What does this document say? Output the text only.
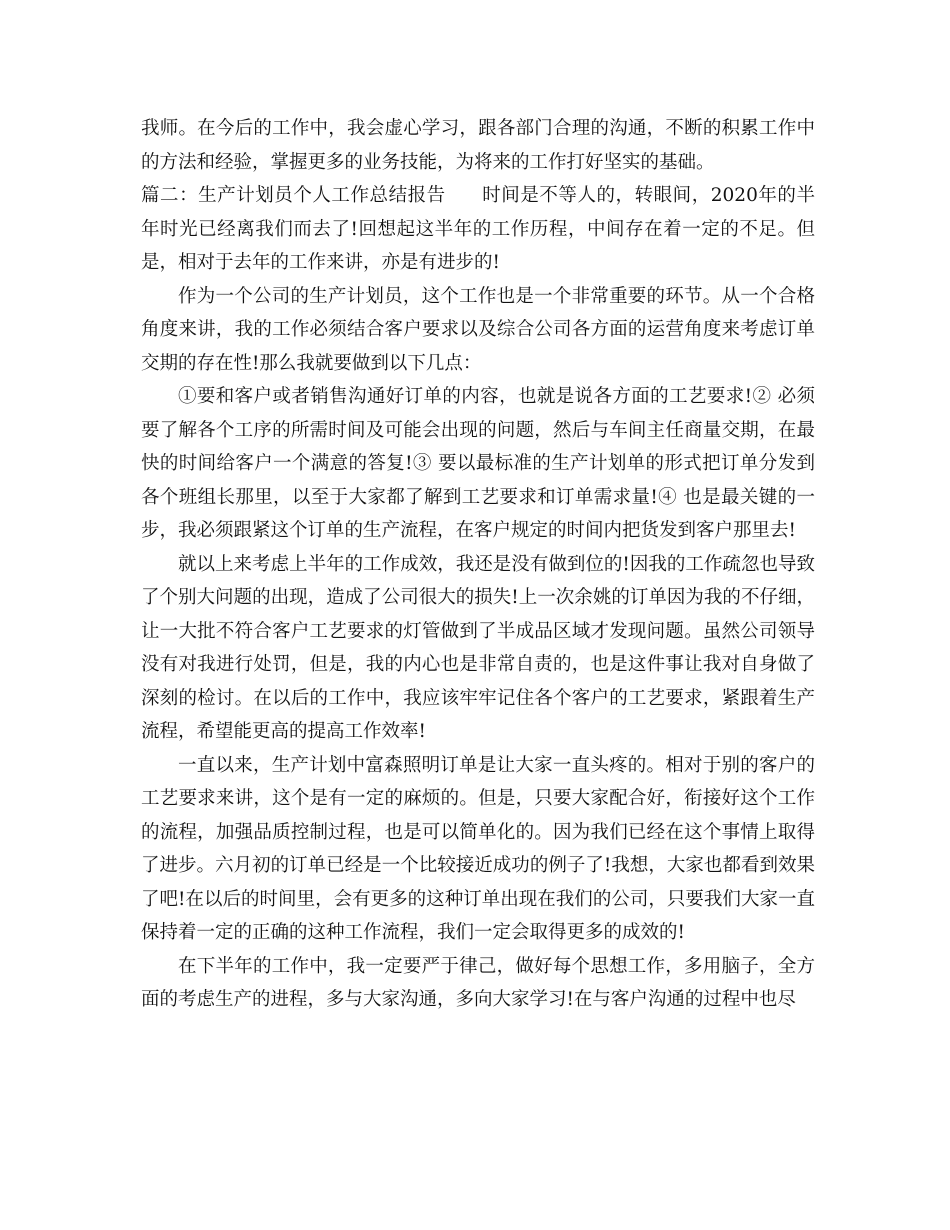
我师。在今后的工作中，我会虚心学习，跟各部门合理的沟通，不断的积累工作中的方法和经验，掌握更多的业务技能，为将来的工作打好坚实的基础。

篇二：生产计划员个人工作总结报告 时间是不等人的，转眼间，2020年的半年时光已经离我们而去了!回想起这半年的工作历程，中间存在着一定的不足。但是，相对于去年的工作来讲，亦是有进步的!

作为一个公司的生产计划员，这个工作也是一个非常重要的环节。从一个合格角度来讲，我的工作必须结合客户要求以及综合公司各方面的运营角度来考虑订单交期的存在性!那么我就要做到以下几点：

①要和客户或者销售沟通好订单的内容，也就是说各方面的工艺要求!② 必须要了解各个工序的所需时间及可能会出现的问题，然后与车间主任商量交期，在最快的时间给客户一个满意的答复!③ 要以最标准的生产计划单的形式把订单分发到各个班组长那里，以至于大家都了解到工艺要求和订单需求量!④ 也是最关键的一步，我必须跟紧这个订单的生产流程，在客户规定的时间内把货发到客户那里去!

就以上来考虑上半年的工作成效，我还是没有做到位的!因我的工作疏忽也导致了个别大问题的出现，造成了公司很大的损失!上一次余姚的订单因为我的不仔细，让一大批不符合客户工艺要求的灯管做到了半成品区域才发现问题。虽然公司领导没有对我进行处罚，但是，我的内心也是非常自责的，也是这件事让我对自身做了深刻的检讨。在以后的工作中，我应该牢牢记住各个客户的工艺要求，紧跟着生产流程，希望能更高的提高工作效率!

一直以来，生产计划中富森照明订单是让大家一直头疼的。相对于别的客户的工艺要求来讲，这个是有一定的麻烦的。但是，只要大家配合好，衔接好这个工作的流程，加强品质控制过程，也是可以简单化的。因为我们已经在这个事情上取得了进步。六月初的订单已经是一个比较接近成功的例子了!我想，大家也都看到效果了吧!在以后的时间里，会有更多的这种订单出现在我们的公司，只要我们大家一直保持着一定的正确的这种工作流程，我们一定会取得更多的成效的!

在下半年的工作中，我一定要严于律己，做好每个思想工作，多用脑子，全方面的考虑生产的进程，多与大家沟通，多向大家学习!在与客户沟通的过程中也尽
